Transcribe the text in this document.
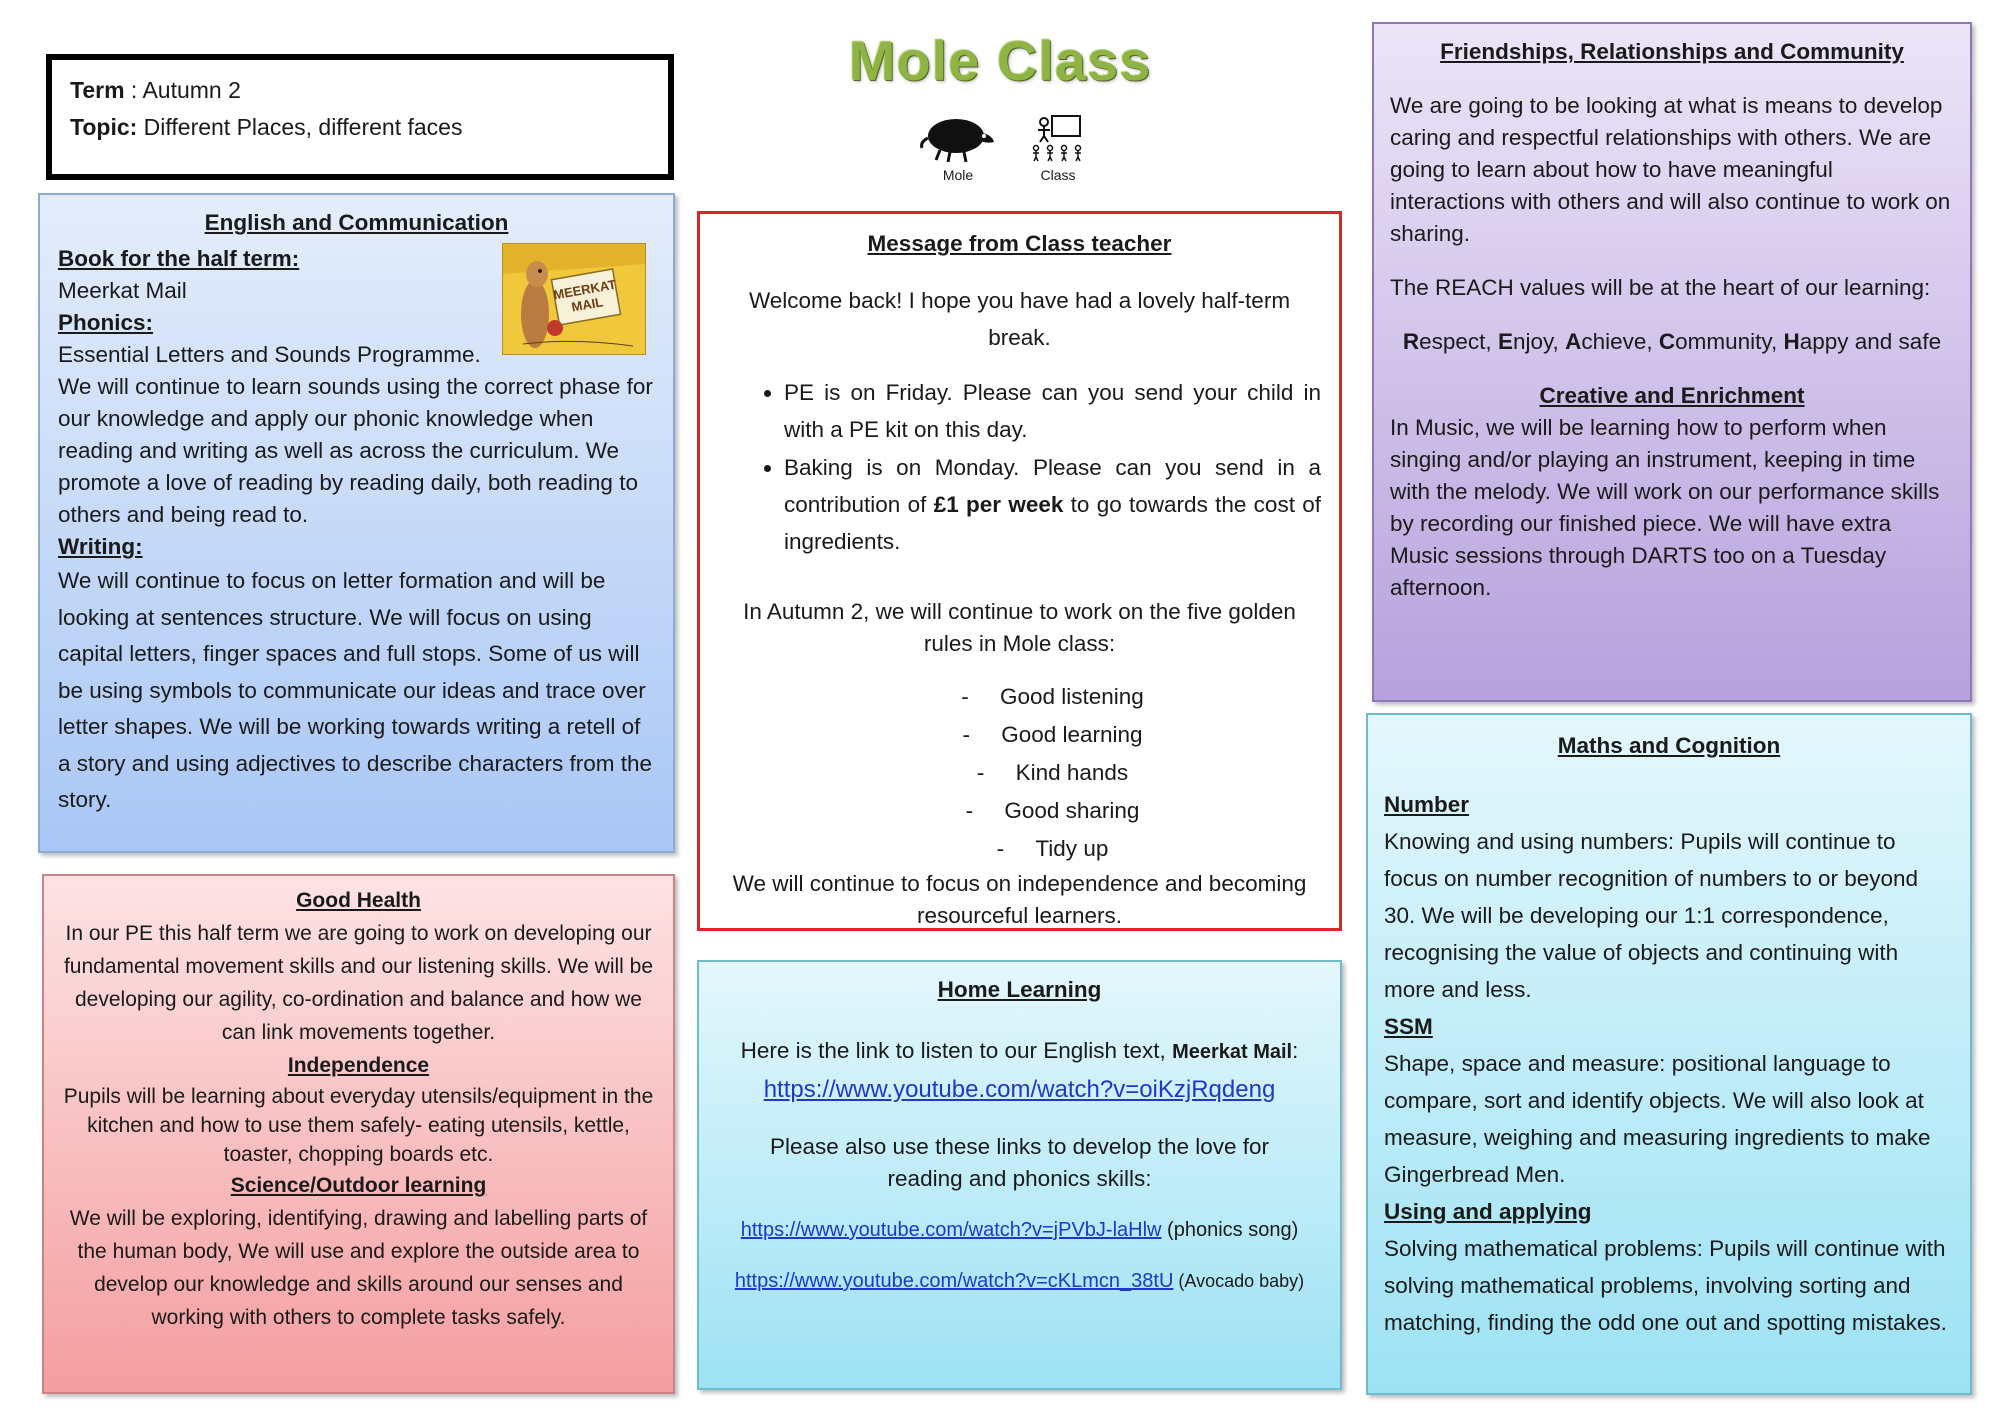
Term : Autumn 2

Topic: Different Places, different faces

Mole Class
Mole	Class

English and Communication

Book for the half term:

Meerkat Mail

Phonics:

Essential Letters and Sounds Programme.

We will continue to learn sounds using the correct phase for our knowledge and apply our phonic knowledge when reading and writing as well as across the curriculum. We promote a love of reading by reading daily, both reading to others and being read to.

Writing:

We will continue to focus on letter formation and will be looking at sentences structure. We will focus on using capital letters, finger spaces and full stops. Some of us will be using symbols to communicate our ideas and trace over letter shapes. We will be working towards writing a retell of a story and using adjectives to describe characters from the story.

MEERKAT MAIL

Message from Class teacher

Welcome back! I hope you have had a lovely half-term break.

• PE is on Friday. Please can you send your child in with a PE kit on this day.
• Baking is on Monday. Please can you send in a contribution of £1 per week to go towards the cost of ingredients.

In Autumn 2, we will continue to work on the five golden rules in Mole class:

-     Good listening
-     Good learning
-     Kind hands
-     Good sharing
-     Tidy up

We will continue to focus on independence and becoming resourceful learners.

Friendships, Relationships and Community

We are going to be looking at what is means to develop caring and respectful relationships with others. We are going to learn about how to have meaningful interactions with others and will also continue to work on sharing.

The REACH values will be at the heart of our learning:

Respect, Enjoy, Achieve, Community, Happy and safe

Creative and Enrichment

In Music, we will be learning how to perform when singing and/or playing an instrument, keeping in time with the melody. We will work on our performance skills by recording our finished piece. We will have extra Music sessions through DARTS too on a Tuesday afternoon.

Good Health

In our PE this half term we are going to work on developing our fundamental movement skills and our listening skills. We will be developing our agility, co-ordination and balance and how we can link movements together.

Independence

Pupils will be learning about everyday utensils/equipment in the kitchen and how to use them safely- eating utensils, kettle, toaster, chopping boards etc.

Science/Outdoor learning

We will be exploring, identifying, drawing and labelling parts of the human body, We will use and explore the outside area to develop our knowledge and skills around our senses and working with others to complete tasks safely.

Home Learning

Here is the link to listen to our English text, Meerkat Mail: https://www.youtube.com/watch?v=oiKzjRqdeng

Please also use these links to develop the love for reading and phonics skills:

https://www.youtube.com/watch?v=jPVbJ-laHlw (phonics song)

https://www.youtube.com/watch?v=cKLmcn_38tU (Avocado baby)

Maths and Cognition

Number

Knowing and using numbers: Pupils will continue to focus on number recognition of numbers to or beyond 30. We will be developing our 1:1 correspondence, recognising the value of objects and continuing with more and less.

SSM

Shape, space and measure: positional language to compare, sort and identify objects. We will also look at measure, weighing and measuring ingredients to make Gingerbread Men.

Using and applying

Solving mathematical problems: Pupils will continue with solving mathematical problems, involving sorting and matching, finding the odd one out and spotting mistakes.
